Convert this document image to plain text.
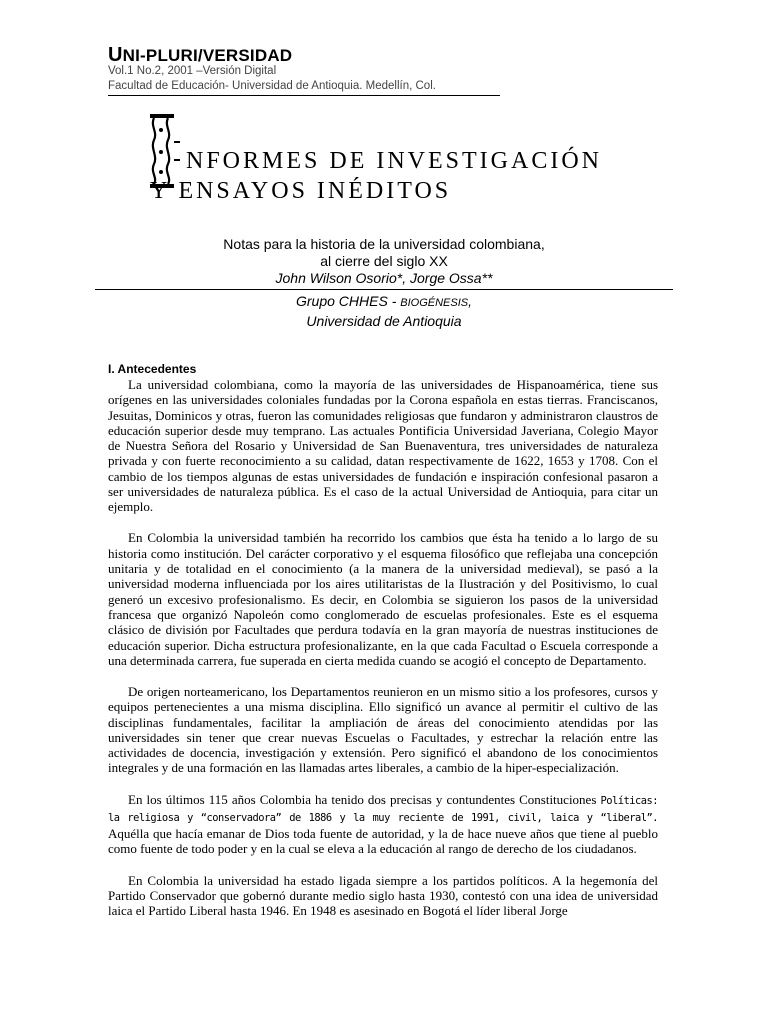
UNI-PLURI/VERSIDAD
Vol.1 No.2, 2001 –Versión Digital
Facultad de Educación- Universidad de Antioquia. Medellín, Col.
NFORMES DE INVESTIGACIÓN
Y ENSAYOS INÉDITOS
Notas para la historia de la universidad colombiana,
al cierre del siglo XX
John Wilson Osorio*, Jorge Ossa**
Grupo CHHES - BIOGÉNESIS,
Universidad de Antioquia
I. Antecedentes

La universidad colombiana, como la mayoría de las universidades de Hispanoamérica, tiene sus orígenes en las universidades coloniales fundadas por la Corona española en estas tierras. Franciscanos, Jesuitas, Dominicos y otras, fueron las comunidades religiosas que fundaron y administraron claustros de educación superior desde muy temprano. Las actuales Pontificia Universidad Javeriana, Colegio Mayor de Nuestra Señora del Rosario y Universidad de San Buenaventura, tres universidades de naturaleza privada y con fuerte reconocimiento a su calidad, datan respectivamente de 1622, 1653 y 1708. Con el cambio de los tiempos algunas de estas universidades de fundación e inspiración confesional pasaron a ser universidades de naturaleza pública. Es el caso de la actual Universidad de Antioquia, para citar un ejemplo.

En Colombia la universidad también ha recorrido los cambios que ésta ha tenido a lo largo de su historia como institución. Del carácter corporativo y el esquema filosófico que reflejaba una concepción unitaria y de totalidad en el conocimiento (a la manera de la universidad medieval), se pasó a la universidad moderna influenciada por los aires utilitaristas de la Ilustración y del Positivismo, lo cual generó un excesivo profesionalismo. Es decir, en Colombia se siguieron los pasos de la universidad francesa que organizó Napoleón como conglomerado de escuelas profesionales. Este es el esquema clásico de división por Facultades que perdura todavía en la gran mayoría de nuestras instituciones de educación superior. Dicha estructura profesionalizante, en la que cada Facultad o Escuela corresponde a una determinada carrera, fue superada en cierta medida cuando se acogió el concepto de Departamento.

De origen norteamericano, los Departamentos reunieron en un mismo sitio a los profesores, cursos y equipos pertenecientes a una misma disciplina. Ello significó un avance al permitir el cultivo de las disciplinas fundamentales, facilitar la ampliación de áreas del conocimiento atendidas por las universidades sin tener que crear nuevas Escuelas o Facultades, y estrechar la relación entre las actividades de docencia, investigación y extensión. Pero significó el abandono de los conocimientos integrales y de una formación en las llamadas artes liberales, a cambio de la hiper-especialización.

En los últimos 115 años Colombia ha tenido dos precisas y contundentes Constituciones Políticas: la religiosa y “conservadora” de 1886 y la muy reciente de 1991, civil, laica y “liberal”. Aquélla que hacía emanar de Dios toda fuente de autoridad, y la de hace nueve años que tiene al pueblo como fuente de todo poder y en la cual se eleva a la educación al rango de derecho de los ciudadanos.

En Colombia la universidad ha estado ligada siempre a los partidos políticos. A la hegemonía del Partido Conservador que gobernó durante medio siglo hasta 1930, contestó con una idea de universidad laica el Partido Liberal hasta 1946. En 1948 es asesinado en Bogotá el líder liberal Jorge
